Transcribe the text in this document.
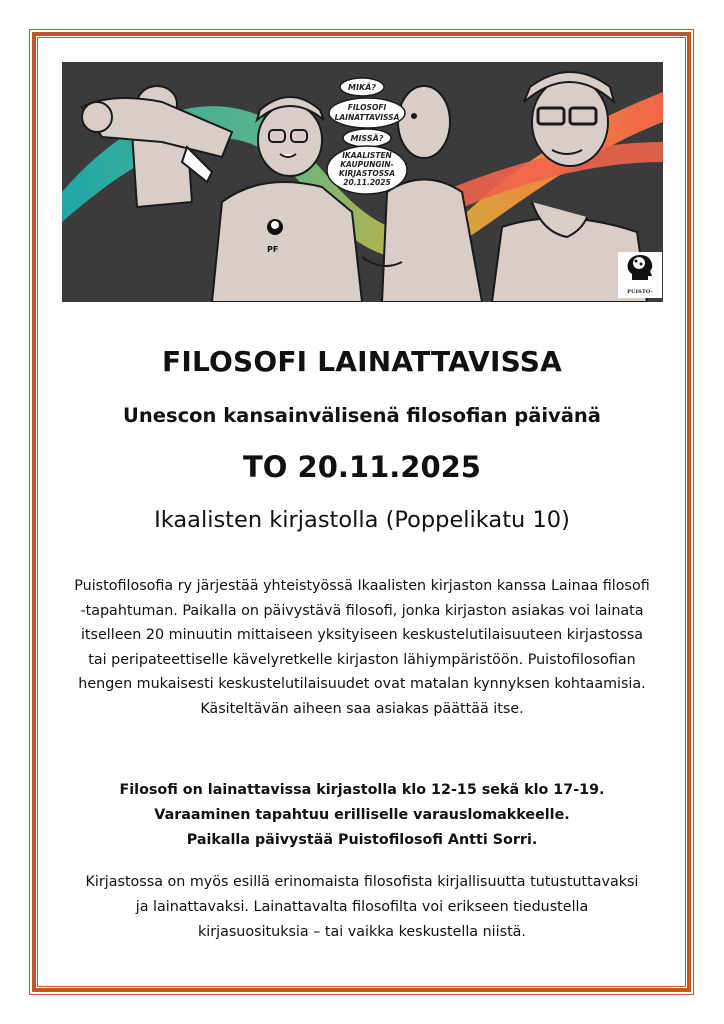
PF
MIKÄ?
FILOSOFI
LAINATTAVISSA
MISSÄ?
IKAALISTEN
KAUPUNGIN-
KIRJASTOSSA
20.11.2025
PUISTO-
FILOSOFI LAINATTAVISSA
Unescon kansainvälisenä filosofian päivänä
TO 20.11.2025
Ikaalisten kirjastolla (Poppelikatu 10)

Puistofilosofia ry järjestää yhteistyössä Ikaalisten kirjaston kanssa Lainaa filosofi -tapahtuman. Paikalla on päivystävä filosofi, jonka kirjaston asiakas voi lainata itselleen 20 minuutin mittaiseen yksityiseen keskustelutilaisuuteen kirjastossa tai peripateettiselle kävelyretkelle kirjaston lähiympäristöön. Puistofilosofian hengen mukaisesti keskustelutilaisuudet ovat matalan kynnyksen kohtaamisia. Käsiteltävän aiheen saa asiakas päättää itse.

Filosofi on lainattavissa kirjastolla klo 12-15 sekä klo 17-19.

Varaaminen tapahtuu erilliselle varauslomakkeelle.

Paikalla päivystää Puistofilosofi Antti Sorri.

Kirjastossa on myös esillä erinomaista filosofista kirjallisuutta tutustuttavaksi ja lainattavaksi. Lainattavalta filosofilta voi erikseen tiedustella kirjasuosituksia – tai vaikka keskustella niistä.
